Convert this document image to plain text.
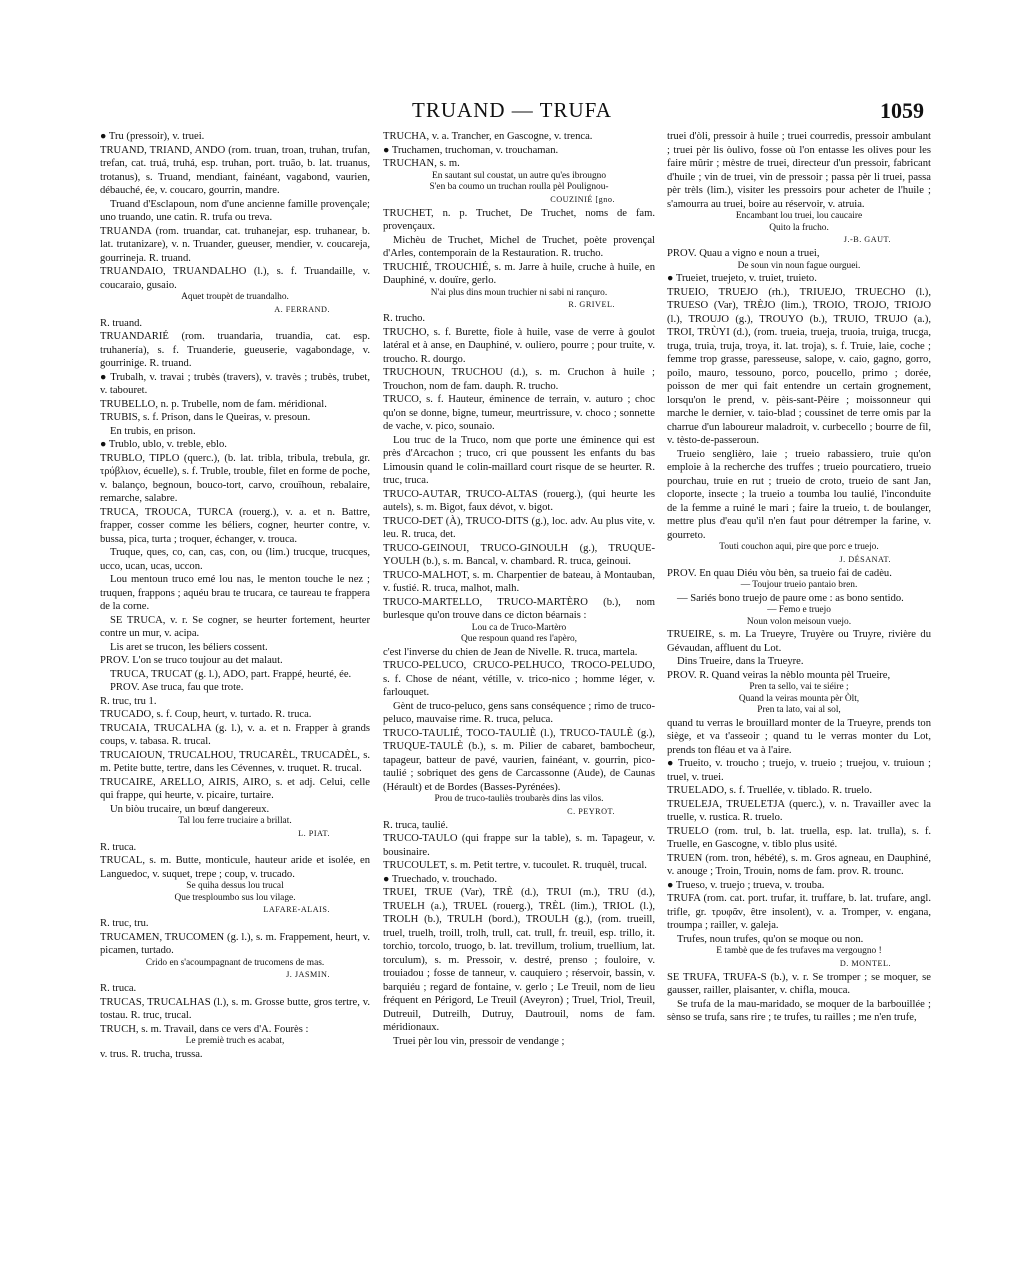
TRUAND — TRUFA	1059

● Tru (pressoir), v. truei.

TRUAND, TRIAND, ANDO (rom. truan, troan, truhan, trufan, trefan, cat. truá, truhá, esp. truhan, port. truão, b. lat. truanus, trotanus), s. Truand, mendiant, fainéant, vagabond, vaurien, débauché, ée, v. coucaro, gourrin, mandre.

Truand d'Esclapoun, nom d'une ancienne famille provençale; uno truando, une catin. R. trufa ou treva.

TRUANDA (rom. truandar, cat. truhanejar, esp. truhanear, b. lat. trutanizare), v. n. Truander, gueuser, mendier, v. coucareja, gourrineja. R. truand.

TRUANDAIO, TRUANDALHO (l.), s. f. Truandaille, v. coucaraio, gusaio.

Aquet troupèt de truandalho.

A. FERRAND.

R. truand.

TRUANDARIÉ (rom. truandaria, truandia, cat. esp. truhanería), s. f. Truanderie, gueuserie, vagabondage, v. gourrinige. R. truand.

● Trubalh, v. travai ; trubès (travers), v. travès ; trubès, trubet, v. tabouret.

TRUBELLO, n. p. Trubelle, nom de fam. méridional.

TRUBIS, s. f. Prison, dans le Queiras, v. presoun.

En trubis, en prison.

● Trublo, ublo, v. treble, eblo.

TRUBLO, TIPLO (querc.), (b. lat. tribla, tribula, trebula, gr. τρύβλιον, écuelle), s. f. Truble, trouble, filet en forme de poche, v. balanço, begnoun, bouco-tort, carvo, crouïhoun, rebalaire, remarche, salabre.

TRUCA, TROUCA, TURCA (rouerg.), v. a. et n. Battre, frapper, cosser comme les béliers, cogner, heurter contre, v. bussa, pica, turta ; troquer, échanger, v. trouca.

Truque, ques, co, can, cas, con, ou (lim.) trucque, trucques, ucco, ucan, ucas, uccon.

Lou mentoun truco emé lou nas, le menton touche le nez ; truquen, frappons ; aquéu brau te trucara, ce taureau te frappera de la corne.

SE TRUCA, v. r. Se cogner, se heurter fortement, heurter contre un mur, v. acipa.

Lis aret se trucon, les béliers cossent.

PROV. L'on se truco toujour au det malaut.

TRUCA, TRUCAT (g. l.), ADO, part. Frappé, heurté, ée.

PROV. Ase truca, fau que trote.

R. truc, tru 1.

TRUCADO, s. f. Coup, heurt, v. turtado. R. truca.

TRUCAIA, TRUCALHA (g. l.), v. a. et n. Frapper à grands coups, v. tabasa. R. trucal.

TRUCAIOUN, TRUCALHOU, TRUCARÈL, TRUCADÈL, s. m. Petite butte, tertre, dans les Cévennes, v. truquet. R. trucal.

TRUCAIRE, ARELLO, AIRIS, AIRO, s. et adj. Celui, celle qui frappe, qui heurte, v. picaire, turtaire.

Un biòu trucaire, un bœuf dangereux.

Tal lou ferre truciaire a brillat.

L. PIAT.

R. truca.

TRUCAL, s. m. Butte, monticule, hauteur aride et isolée, en Languedoc, v. suquet, trepe ; coup, v. trucado.

Se quiha dessus lou trucal

Que tresploumbo sus lou vilage.

LAFARE-ALAIS.

R. truc, tru.

TRUCAMEN, TRUCOMEN (g. l.), s. m. Frappement, heurt, v. picamen, turtado.

Crido en s'acoumpagnant de trucomens de mas.

J. JASMIN.

R. truca.

TRUCAS, TRUCALHAS (l.), s. m. Grosse butte, gros tertre, v. tostau. R. truc, trucal.

TRUCH, s. m. Travail, dans ce vers d'A. Fourès :

Le premiè truch es acabat,

v. trus. R. trucha, trussa.

TRUCHA, v. a. Trancher, en Gascogne, v. trenca.

● Truchamen, truchoman, v. trouchaman.

TRUCHAN, s. m.

En sautant sul coustat, un autre qu'es ibrougno

S'en ba coumo un truchan roulla pèl Poulignou-

COUZINIÉ [gno.

TRUCHET, n. p. Truchet, De Truchet, noms de fam. provençaux.

Michèu de Truchet, Michel de Truchet, poète provençal d'Arles, contemporain de la Restauration. R. trucho.

TRUCHIÉ, TROUCHIÉ, s. m. Jarre à huile, cruche à huile, en Dauphiné, v. douïre, gerlo.

N'ai plus dins moun truchier ni sabi ni rançuro.

R. GRIVEL.

R. trucho.

TRUCHO, s. f. Burette, fiole à huile, vase de verre à goulot latéral et à anse, en Dauphiné, v. ouliero, pourre ; pour truite, v. troucho. R. dourgo.

TRUCHOUN, TRUCHOU (d.), s. m. Cruchon à huile ; Trouchon, nom de fam. dauph. R. trucho.

TRUCO, s. f. Hauteur, éminence de terrain, v. auturo ; choc qu'on se donne, bigne, tumeur, meurtrissure, v. choco ; sonnette de vache, v. pico, sounaio.

Lou truc de la Truco, nom que porte une éminence qui est près d'Arcachon ; truco, cri que poussent les enfants du bas Limousin quand le colin-maillard court risque de se heurter. R. truc, truca.

TRUCO-AUTAR, TRUCO-ALTAS (rouerg.), (qui heurte les autels), s. m. Bigot, faux dévot, v. bigot.

TRUCO-DET (À), TRUCO-DITS (g.), loc. adv. Au plus vite, v. leu. R. truca, det.

TRUCO-GEINOUI, TRUCO-GINOULH (g.), TRUQUE-YOULH (b.), s. m. Bancal, v. chambard. R. truca, geinoui.

TRUCO-MALHOT, s. m. Charpentier de bateau, à Montauban, v. fustié. R. truca, malhot, malh.

TRUCO-MARTELLO, TRUCO-MARTÈRO (b.), nom burlesque qu'on trouve dans ce dicton béarnais :

Lou ca de Truco-Martèro

Que respoun quand res l'apèro,

c'est l'inverse du chien de Jean de Nivelle. R. truca, martela.

TRUCO-PELUCO, CRUCO-PELHUCO, TROCO-PELUDO, s. f. Chose de néant, vétille, v. trico-nico ; homme léger, v. farlouquet.

Gènt de truco-peluco, gens sans conséquence ; rimo de truco-peluco, mauvaise rime. R. truca, peluca.

TRUCO-TAULIÉ, TOCO-TAULIÈ (l.), TRUCO-TAULÈ (g.), TRUQUE-TAULÈ (b.), s. m. Pilier de cabaret, bambocheur, tapageur, batteur de pavé, vaurien, fainéant, v. gourrin, pico-taulié ; sobriquet des gens de Carcassonne (Aude), de Caunas (Hérault) et de Bordes (Basses-Pyrénées).

Prou de truco-tauliès troubarès dins las vilos.

C. PEYROT.

R. truca, taulié.

TRUCO-TAULO (qui frappe sur la table), s. m. Tapageur, v. bousinaire.

TRUCOULET, s. m. Petit tertre, v. tucoulet. R. truquèl, trucal.

● Truechado, v. trouchado.

TRUEI, TRUE (Var), TRÈ (d.), TRUI (m.), TRU (d.), TRUELH (a.), TRUEL (rouerg.), TRÈL (lim.), TRIOL (l.), TROLH (b.), TRULH (bord.), TROULH (g.), (rom. trueill, truel, truelh, troill, trolh, trull, cat. trull, fr. treuil, esp. trillo, it. torchio, torcolo, truogo, b. lat. trevillum, trolium, truellium, lat. torculum), s. m. Pressoir, v. destré, prenso ; fouloire, v. trouiadou ; fosse de tanneur, v. cauquiero ; réservoir, bassin, v. barquiéu ; regard de fontaine, v. gerlo ; Le Treuil, nom de lieu fréquent en Périgord, Le Treuil (Aveyron) ; Truel, Triol, Treuil, Dutreuil, Dutreilh, Dutruy, Dautrouil, noms de fam. méridionaux.

Truei pèr lou vin, pressoir de vendange ;

truei d'òli, pressoir à huile ; truei courredis, pressoir ambulant ; truei pèr lis òulivo, fosse où l'on entasse les olives pour les faire mûrir ; mèstre de truei, directeur d'un pressoir, fabricant d'huile ; vin de truei, vin de pressoir ; passa pèr li truei, passa pèr trèls (lim.), visiter les pressoirs pour acheter de l'huile ; s'amourra au truei, boire au réservoir, v. atruia.

Encambant lou truei, lou caucaire

Quito la frucho.

J.-B. GAUT.

PROV. Quau a vigno e noun a truei,

De soun vin noun fague ourguei.

● Trueiet, truejeto, v. truiet, truieto.

TRUEIO, TRUEJO (rh.), TRIUEJO, TRUECHO (l.), TRUESO (Var), TRÈJO (lim.), TROIO, TROJO, TRIOJO (l.), TROUJO (g.), TROUYO (b.), TRUIO, TRUJO (a.), TROI, TRÙYI (d.), (rom. trueia, trueja, truoia, truiga, trucga, truga, truia, truja, troya, it. lat. troja), s. f. Truie, laie, coche ; femme trop grasse, paresseuse, salope, v. caio, gagno, gorro, poilo, mauro, tessouno, porco, poucello, primo ; dorée, poisson de mer qui fait entendre un certain grognement, lorsqu'on le prend, v. pèis-sant-Pèire ; moissonneur qui marche le dernier, v. taio-blad ; coussinet de terre omis par la charrue d'un laboureur maladroit, v. curbecello ; bourre de fil, v. tèsto-de-passeroun.

Trueio senglièro, laie ; trueio rabassiero, truie qu'on emploie à la recherche des truffes ; trueio pourcatiero, trueio pourchau, truie en rut ; trueio de croto, trueio de sant Jan, cloporte, insecte ; la trueio a toumba lou taulié, l'inconduite de la femme a ruiné le mari ; faire la trueio, t. de boulanger, mettre plus d'eau qu'il n'en faut pour détremper la farine, v. gourreto.

Touti couchon aqui, pire que porc e truejo.

J. DÉSANAT.

PROV. En quau Diéu vòu bèn, sa trueio fai de cadèu.

— Toujour trueio pantaio bren.

— Sariés bono truejo de paure ome : as bono sentido.

— Femo e truejo

Noun volon meisoun vuejo.

TRUEIRE, s. m. La Trueyre, Truyère ou Truyre, rivière du Gévaudan, affluent du Lot.

Dins Trueire, dans la Trueyre.

PROV. R. Quand veiras la nèblo mounta pèl Trueire,

Pren ta sello, vai te siéire ;

Quand la veiras mounta pèr Òlt,

Pren ta lato, vai al sol,

quand tu verras le brouillard monter de la Trueyre, prends ton siège, et va t'asseoir ; quand tu le verras monter du Lot, prends ton fléau et va à l'aire.

● Trueito, v. troucho ; truejo, v. trueio ; truejou, v. truioun ; truel, v. truei.

TRUELADO, s. f. Truellée, v. tiblado. R. truelo.

TRUELEJA, TRUELETJA (querc.), v. n. Travailler avec la truelle, v. rustica. R. truelo.

TRUELO (rom. trul, b. lat. truella, esp. lat. trulla), s. f. Truelle, en Gascogne, v. tiblo plus usité.

TRUEN (rom. tron, hébété), s. m. Gros agneau, en Dauphiné, v. anouge ; Troin, Trouin, noms de fam. prov. R. trounc.

● Trueso, v. truejo ; trueva, v. trouba.

TRUFA (rom. cat. port. trufar, it. truffare, b. lat. trufare, angl. trifle, gr. τρυφᾶν, être insolent), v. a. Tromper, v. engana, troumpa ; railler, v. galeja.

Trufes, noun trufes, qu'on se moque ou non.

E tambè que de fes trufaves ma vergougno !

D. MONTEL.

SE TRUFA, TRUFA-S (b.), v. r. Se tromper ; se moquer, se gausser, railler, plaisanter, v. chifla, mouca.

Se trufa de la mau-maridado, se moquer de la barbouillée ; sènso se trufa, sans rire ; te trufes, tu railles ; me n'en trufe,
